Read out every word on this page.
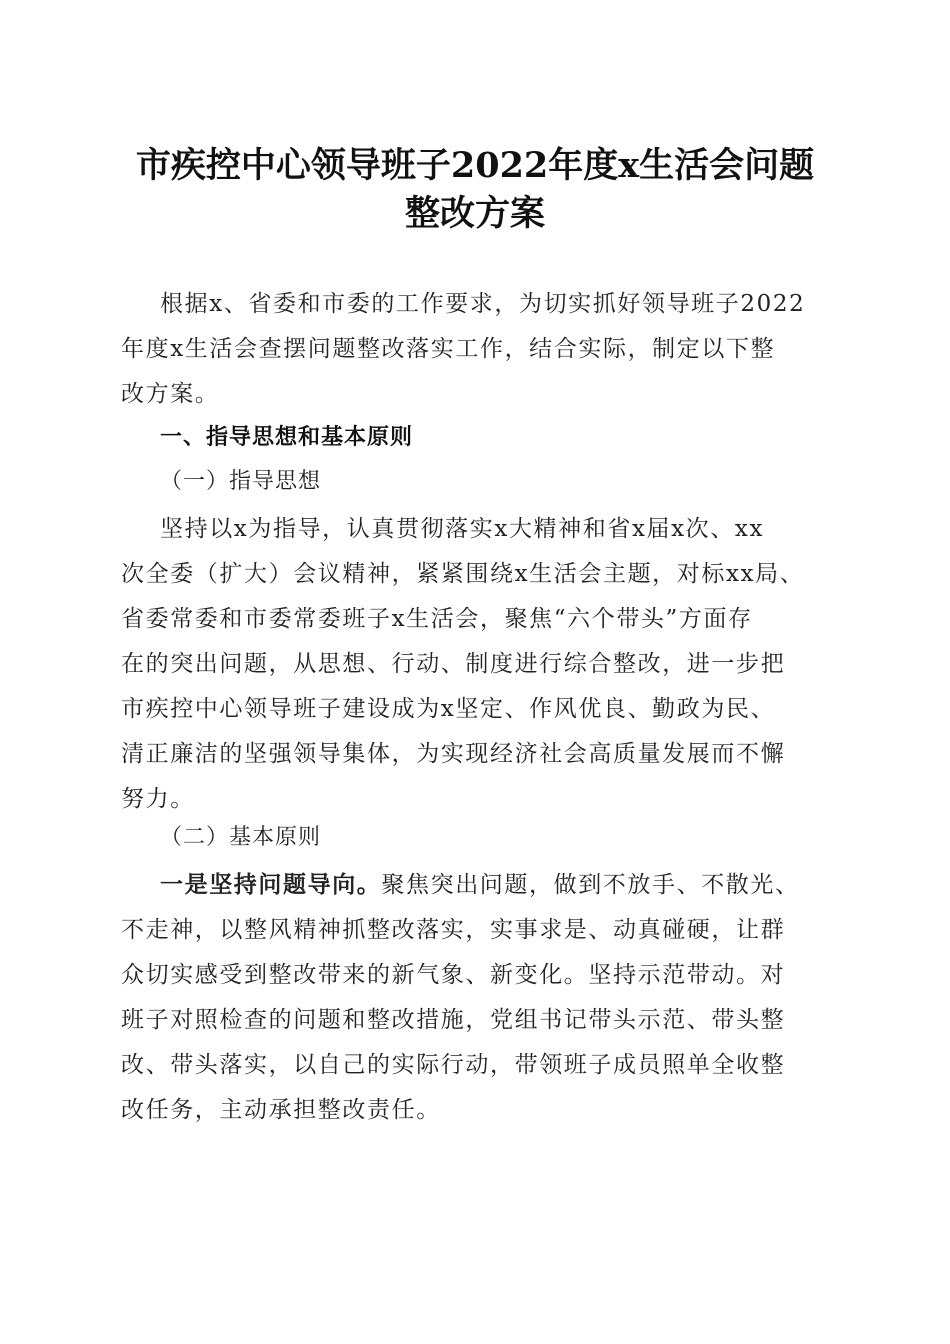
市疾控中心领导班子2022年度x生活会问题
整改方案
根据x、省委和市委的工作要求，为切实抓好领导班子2022
年度x生活会查摆问题整改落实工作，结合实际，制定以下整
改方案。
一、指导思想和基本原则
（一）指导思想
坚持以x为指导，认真贯彻落实x大精神和省x届x次、xx
次全委（扩大）会议精神，紧紧围绕x生活会主题，对标xx局、
省委常委和市委常委班子x生活会，聚焦“六个带头”方面存
在的突出问题，从思想、行动、制度进行综合整改，进一步把
市疾控中心领导班子建设成为x坚定、作风优良、勤政为民、
清正廉洁的坚强领导集体，为实现经济社会高质量发展而不懈
努力。
（二）基本原则
一是坚持问题导向。聚焦突出问题，做到不放手、不散光、
不走神，以整风精神抓整改落实，实事求是、动真碰硬，让群
众切实感受到整改带来的新气象、新变化。坚持示范带动。对
班子对照检查的问题和整改措施，党组书记带头示范、带头整
改、带头落实，以自己的实际行动，带领班子成员照单全收整
改任务，主动承担整改责任。
